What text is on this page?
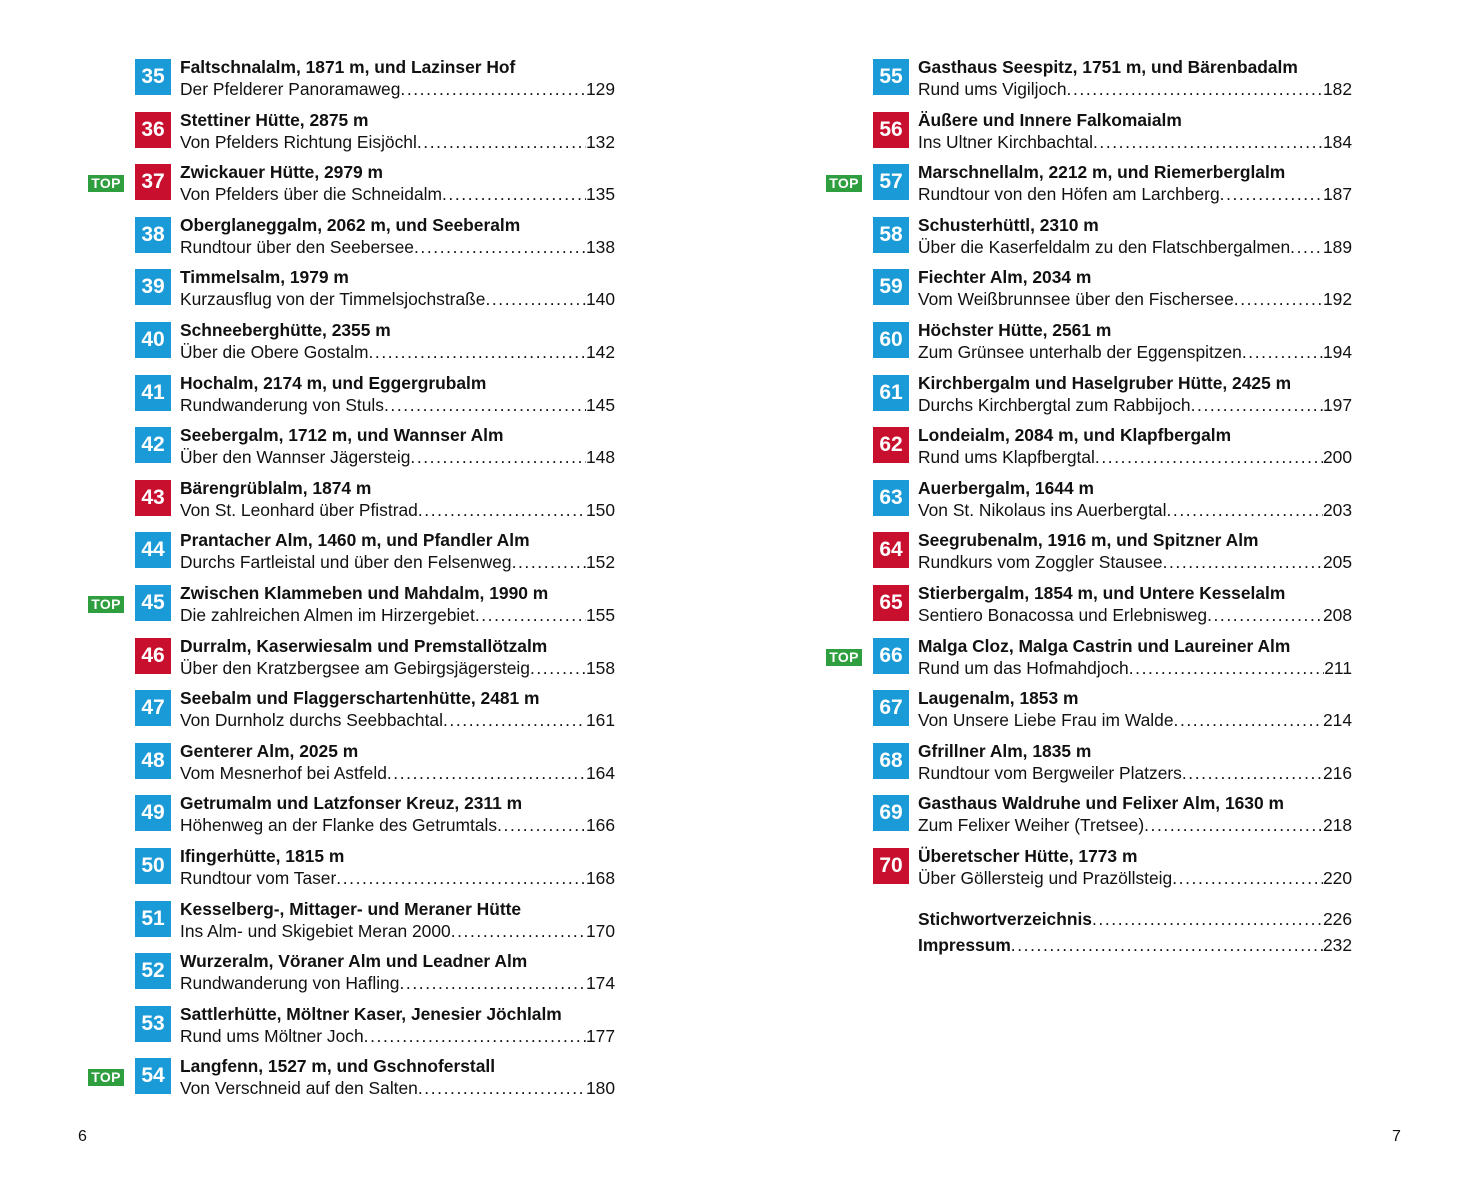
35 Faltschnalalm, 1871 m, und Lazinser Hof
Der Pfelderer Panoramaweg .....	129
36 Stettiner Hütte, 2875 m
Von Pfelders Richtung Eisjöchl .....	132
TOP 37 Zwickauer Hütte, 2979 m
Von Pfelders über die Schneidalm .....	135
38 Oberglaneggalm, 2062 m, und Seeberalm
Rundtour über den Seebersee .....	138
39 Timmelsalm, 1979 m
Kurzausflug von der Timmelsjochstraße .....	140
40 Schneeberghütte, 2355 m
Über die Obere Gostalm .....	142
41 Hochalm, 2174 m, und Eggergrubalm
Rundwanderung von Stuls .....	145
42 Seebergalm, 1712 m, und Wannser Alm
Über den Wannser Jägersteig .....	148
43 Bärengrüblalm, 1874 m
Von St. Leonhard über Pfistrad .....	150
44 Prantacher Alm, 1460 m, und Pfandler Alm
Durchs Fartleistal und über den Felsenweg .....	152
TOP 45 Zwischen Klammeben und Mahdalm, 1990 m
Die zahlreichen Almen im Hirzergebiet .....	155
46 Durralm, Kaserwiesalm und Premstallötzalm
Über den Kratzbergsee am Gebirgsjägersteig .....	158
47 Seebalm und Flaggerschartenhütte, 2481 m
Von Durnholz durchs Seebbachtal .....	161
48 Genterer Alm, 2025 m
Vom Mesnerhof bei Astfeld .....	164
49 Getrumalm und Latzfonser Kreuz, 2311 m
Höhenweg an der Flanke des Getrumtals .....	166
50 Ifingerhütte, 1815 m
Rundtour vom Taser .....	168
51 Kesselberg-, Mittager- und Meraner Hütte
Ins Alm- und Skigebiet Meran 2000 .....	170
52 Wurzeralm, Vöraner Alm und Leadner Alm
Rundwanderung von Hafling .....	174
53 Sattlerhütte, Möltner Kaser, Jenesier Jöchlalm
Rund ums Möltner Joch .....	177
TOP 54 Langfenn, 1527 m, und Gschnoferstall
Von Verschneid auf den Salten .....	180
6
55 Gasthaus Seespitz, 1751 m, und Bärenbadalm
Rund ums Vigiljoch .....	182
56 Äußere und Innere Falkomaialm
Ins Ultner Kirchbachtal .....	184
TOP 57 Marschnellalm, 2212 m, und Riemerberglalm
Rundtour von den Höfen am Larchberg .....	187
58 Schusterhüttl, 2310 m
Über die Kaserfeldalm zu den Flatschbergalmen ..... 189
59 Fiechter Alm, 2034 m
Vom Weißbrunnsee über den Fischersee .....	192
60 Höchster Hütte, 2561 m
Zum Grünsee unterhalb der Eggenspitzen .....	194
61 Kirchbergalm und Haselgruber Hütte, 2425 m
Durchs Kirchbergtal zum Rabbijoch .....	197
62 Londeialm, 2084 m, und Klapfbergalm
Rund ums Klapfbergtal .....	200
63 Auerbergalm, 1644 m
Von St. Nikolaus ins Auerbergtal .....	203
64 Seegrubenalm, 1916 m, und Spitzner Alm
Rundkurs vom Zoggler Stausee .....	205
65 Stierbergalm, 1854 m, und Untere Kesselalm
Sentiero Bonacossa und Erlebnisweg .....	208
TOP 66 Malga Cloz, Malga Castrin und Laureiner Alm
Rund um das Hofmahdjoch .....	211
67 Laugenalm, 1853 m
Von Unsere Liebe Frau im Walde .....	214
68 Gfrillner Alm, 1835 m
Rundtour vom Bergweiler Platzers .....	216
69 Gasthaus Waldruhe und Felixer Alm, 1630 m
Zum Felixer Weiher (Tretsee) .....	218
70 Überetscher Hütte, 1773 m
Über Göllersteig und Prazöllsteig .....	220
Stichwortverzeichnis .....	226
Impressum .....	232
7
